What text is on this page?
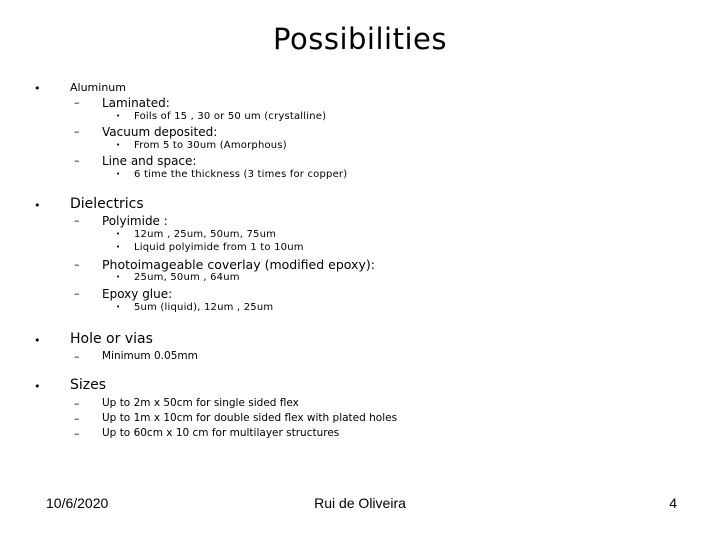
Possibilities
•	Aluminum
– Laminated:
• Foils of 15 , 30 or 50 um (crystalline)
– Vacuum deposited:
• From 5 to 30um (Amorphous)
– Line and space:
• 6 time the thickness (3 times for copper)
• Dielectrics
– Polyimide :
• 12um , 25um, 50um, 75um
• Liquid polyimide from 1 to 10um
– Photoimageable coverlay (modified epoxy):
• 25um, 50um , 64um
– Epoxy glue:
• 5um (liquid), 12um , 25um
• Hole or vias
– Minimum 0.05mm
• Sizes
– Up to 2m x 50cm for single sided flex
– Up to 1m x 10cm for double sided flex with plated holes
– Up to 60cm x 10 cm for multilayer structures
10/6/2020	Rui de Oliveira	4
